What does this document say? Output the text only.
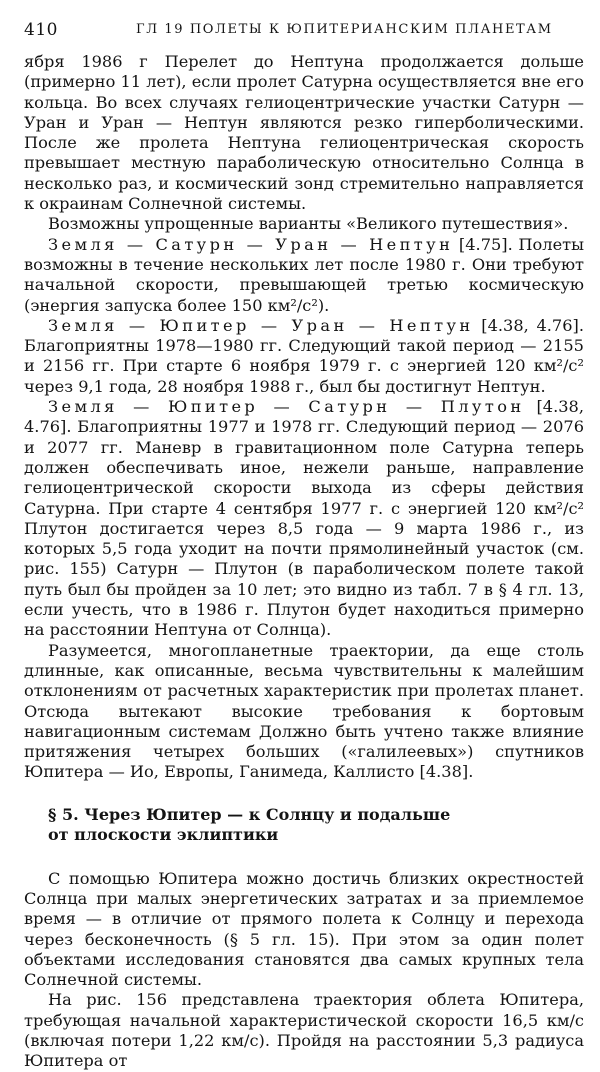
410	ГЛ 19 ПОЛЕТЫ К ЮПИТЕРИАНСКИМ ПЛАНЕТАМ

ября 1986 г Перелет до Нептуна продолжается дольше (примерно 11 лет), если пролет Сатурна осуществляется вне его кольца. Во всех случаях гелиоцентрические участки Сатурн — Уран и Уран — Нептун являются резко гиперболическими. После же пролета Нептуна гелиоцентрическая скорость превышает местную параболическую относительно Солнца в несколько раз, и космический зонд стремительно направляется к окраинам Солнечной системы.

Возможны упрощенные варианты «Великого путешествия».

Земля — Сатурн — Уран — Нептун [4.75]. Полеты возможны в течение нескольких лет после 1980 г. Они требуют начальной скорости, превышающей третью космическую (энергия запуска более 150 км²/с²).

Земля — Юпитер — Уран — Нептун [4.38, 4.76]. Благоприятны 1978—1980 гг. Следующий такой период — 2155 и 2156 гг. При старте 6 ноября 1979 г. с энергией 120 км²/с² через 9,1 года, 28 ноября 1988 г., был бы достигнут Нептун.

Земля — Юпитер — Сатурн — Плутон [4.38, 4.76]. Благоприятны 1977 и 1978 гг. Следующий период — 2076 и 2077 гг. Маневр в гравитационном поле Сатурна теперь должен обеспечивать иное, нежели раньше, направление гелиоцентрической скорости выхода из сферы действия Сатурна. При старте 4 сентября 1977 г. с энергией 120 км²/с² Плутон достигается через 8,5 года — 9 марта 1986 г., из которых 5,5 года уходит на почти прямолинейный участок (см. рис. 155) Сатурн — Плутон (в параболическом полете такой путь был бы пройден за 10 лет; это видно из табл. 7 в § 4 гл. 13, если учесть, что в 1986 г. Плутон будет находиться примерно на расстоянии Нептуна от Солнца).

Разумеется, многопланетные траектории, да еще столь длинные, как описанные, весьма чувствительны к малейшим отклонениям от расчетных характеристик при пролетах планет. Отсюда вытекают высокие требования к бортовым навигационным системам Должно быть учтено также влияние притяжения четырех больших («галилеевых») спутников Юпитера — Ио, Европы, Ганимеда, Каллисто [4.38].

§ 5. Через Юпитер — к Солнцу и подальше
от плоскости эклиптики

С помощью Юпитера можно достичь близких окрестностей Солнца при малых энергетических затратах и за приемлемое время — в отличие от прямого полета к Солнцу и перехода через бесконечность (§ 5 гл. 15). При этом за один полет объектами исследования становятся два самых крупных тела Солнечной системы.

На рис. 156 представлена траектория облета Юпитера, требующая начальной характеристической скорости 16,5 км/с (включая потери 1,22 км/с). Пройдя на расстоянии 5,3 радиуса Юпитера от
